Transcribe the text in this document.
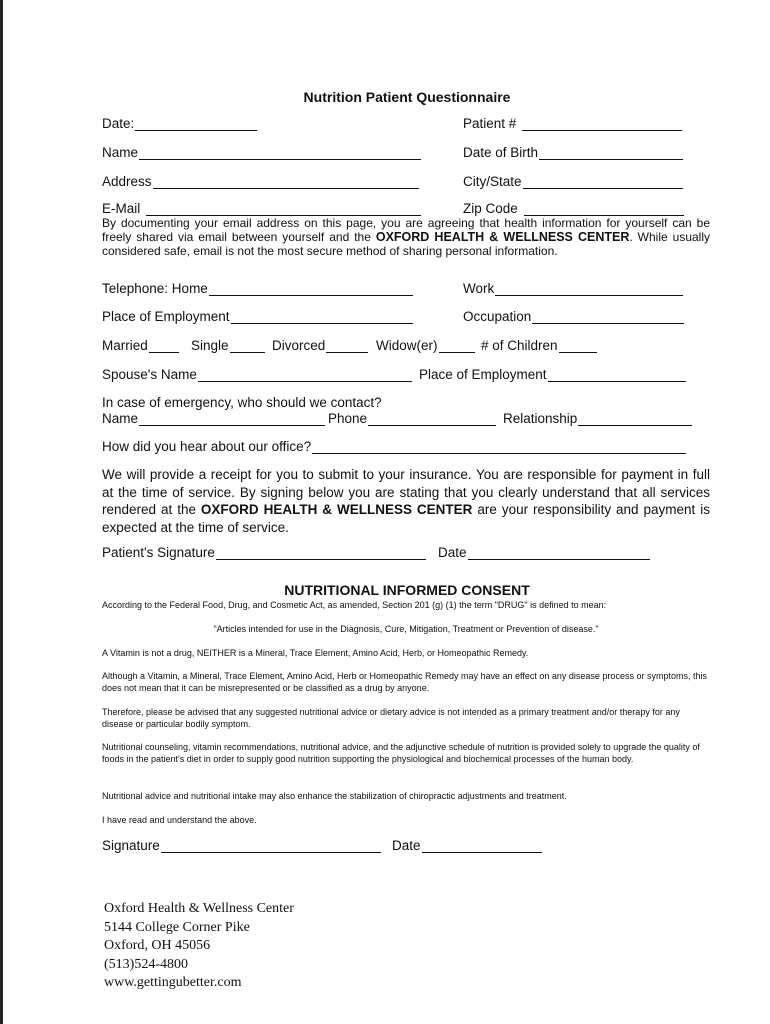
Nutrition Patient Questionnaire
Date:	Patient #
Name	Date of Birth
Address	City/State
E-Mail	Zip Code
By documenting your email address on this page, you are agreeing that health information for yourself can be freely shared via email between yourself and the OXFORD HEALTH & WELLNESS CENTER. While usually considered safe, email is not the most secure method of sharing personal information.
Telephone: Home	Work
Place of Employment	Occupation
Married	Single	Divorced	Widow(er)	# of Children
Spouse's Name	Place of Employment
In case of emergency, who should we contact?
Name	Phone	Relationship
How did you hear about our office?
We will provide a receipt for you to submit to your insurance. You are responsible for payment in full at the time of service. By signing below you are stating that you clearly understand that all services rendered at the OXFORD HEALTH & WELLNESS CENTER are your responsibility and payment is expected at the time of service.
Patient's Signature	Date
NUTRITIONAL INFORMED CONSENT
According to the Federal Food, Drug, and Cosmetic Act, as amended, Section 201 (g) (1) the term "DRUG" is defined to mean:
"Articles intended for use in the Diagnosis, Cure, Mitigation, Treatment or Prevention of disease."
A Vitamin is not a drug, NEITHER is a Mineral, Trace Element, Amino Acid, Herb, or Homeopathic Remedy.
Although a Vitamin, a Mineral, Trace Element, Amino Acid, Herb or Homeopathic Remedy may have an effect on any disease process or symptoms, this does not mean that it can be misrepresented or be classified as a drug by anyone.
Therefore, please be advised that any suggested nutritional advice or dietary advice is not intended as a primary treatment and/or therapy for any disease or particular bodily symptom.
Nutritional counseling, vitamin recommendations, nutritional advice, and the adjunctive schedule of nutrition is provided solely to upgrade the quality of foods in the patient's diet in order to supply good nutrition supporting the physiological and biochemical processes of the human body.
Nutritional advice and nutritional intake may also enhance the stabilization of chiropractic adjustments and treatment.
I have read and understand the above.
Signature	Date
Oxford Health & Wellness Center
5144 College Corner Pike
Oxford, OH 45056
(513)524-4800
www.gettingubetter.com
